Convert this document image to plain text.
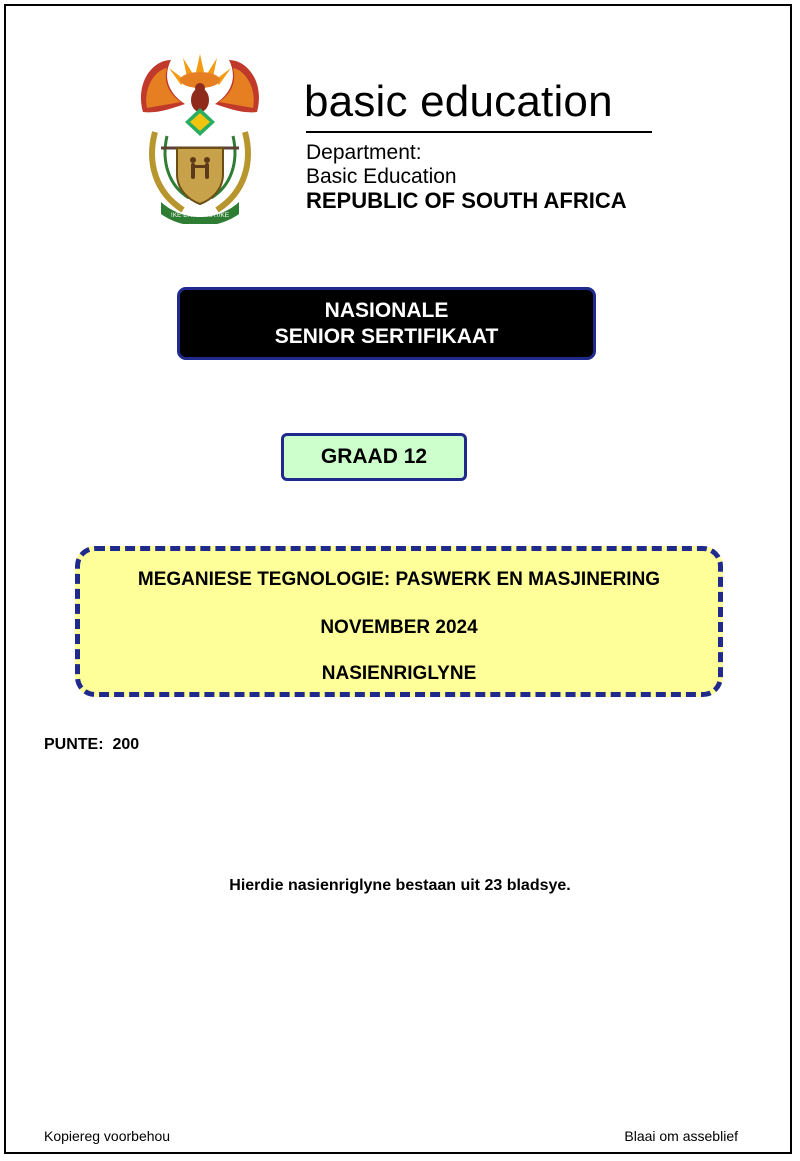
!KE E: /XARRA //KE
basic education
Department:
Basic Education
REPUBLIC OF SOUTH AFRICA
NASIONALE
SENIOR SERTIFIKAAT
GRAAD 12
MEGANIESE TEGNOLOGIE: PASWERK EN MASJINERING
NOVEMBER 2024
NASIENRIGLYNE
PUNTE:  200
Hierdie nasienriglyne bestaan uit 23 bladsye.
Kopiereg voorbehou	Blaai om asseblief
